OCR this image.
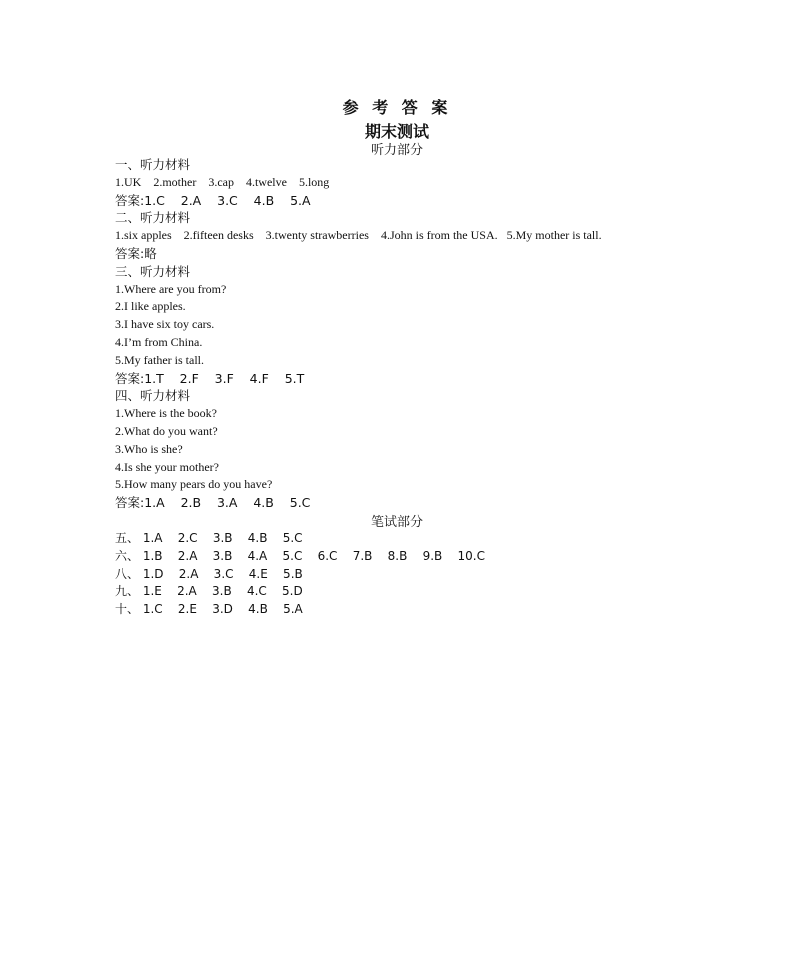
参 考 答 案
期末测试
听力部分
一、听力材料
1.UK    2.mother    3.cap    4.twelve    5.long
答案:1.C    2.A    3.C    4.B    5.A
二、听力材料
1.six apples    2.fifteen desks    3.twenty strawberries    4.John is from the USA.   5.My mother is tall.
答案:略
三、听力材料
1.Where are you from?
2.I like apples.
3.I have six toy cars.
4.I’m from China.
5.My father is tall.
答案:1.T    2.F    3.F    4.F    5.T
四、听力材料
1.Where is the book?
2.What do you want?
3.Who is she?
4.Is she your mother?
5.How many pears do you have?
答案:1.A    2.B    3.A    4.B    5.C
笔试部分
五、 1.A    2.C    3.B    4.B    5.C
六、 1.B    2.A    3.B    4.A    5.C    6.C    7.B    8.B    9.B    10.C
八、 1.D    2.A    3.C    4.E    5.B
九、 1.E    2.A    3.B    4.C    5.D
十、 1.C    2.E    3.D    4.B    5.A
